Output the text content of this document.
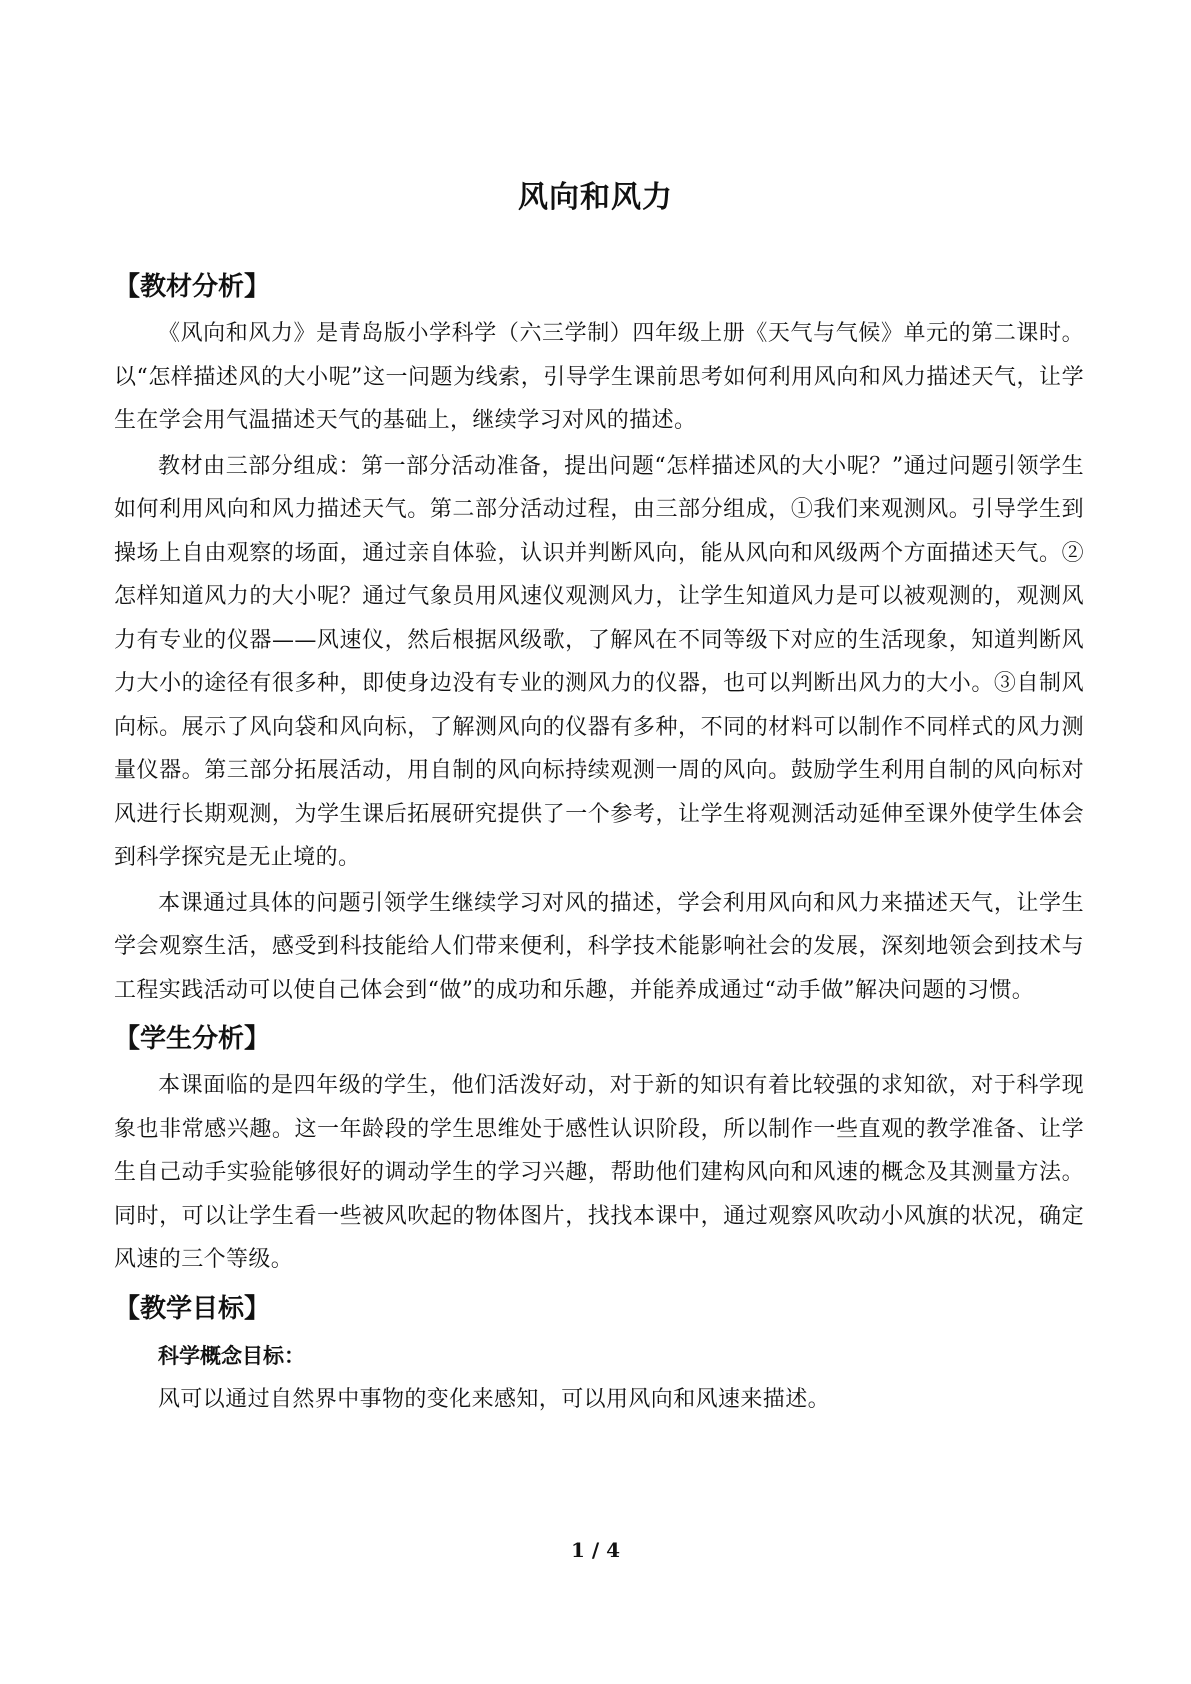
风向和风力
【教材分析】

《风向和风力》是青岛版小学科学（六三学制）四年级上册《天气与气候》单元的第二课时。以“怎样描述风的大小呢”这一问题为线索，引导学生课前思考如何利用风向和风力描述天气，让学生在学会用气温描述天气的基础上，继续学习对风的描述。

教材由三部分组成：第一部分活动准备，提出问题“怎样描述风的大小呢？”通过问题引领学生如何利用风向和风力描述天气。第二部分活动过程，由三部分组成，①我们来观测风。引导学生到操场上自由观察的场面，通过亲自体验，认识并判断风向，能从风向和风级两个方面描述天气。②怎样知道风力的大小呢？通过气象员用风速仪观测风力，让学生知道风力是可以被观测的，观测风力有专业的仪器——风速仪，然后根据风级歌，了解风在不同等级下对应的生活现象，知道判断风力大小的途径有很多种，即使身边没有专业的测风力的仪器，也可以判断出风力的大小。③自制风向标。展示了风向袋和风向标，了解测风向的仪器有多种，不同的材料可以制作不同样式的风力测量仪器。第三部分拓展活动，用自制的风向标持续观测一周的风向。鼓励学生利用自制的风向标对风进行长期观测，为学生课后拓展研究提供了一个参考，让学生将观测活动延伸至课外使学生体会到科学探究是无止境的。

本课通过具体的问题引领学生继续学习对风的描述，学会利用风向和风力来描述天气，让学生学会观察生活，感受到科技能给人们带来便利，科学技术能影响社会的发展，深刻地领会到技术与工程实践活动可以使自己体会到“做”的成功和乐趣，并能养成通过“动手做”解决问题的习惯。

【学生分析】

本课面临的是四年级的学生，他们活泼好动，对于新的知识有着比较强的求知欲，对于科学现象也非常感兴趣。这一年龄段的学生思维处于感性认识阶段，所以制作一些直观的教学准备、让学生自己动手实验能够很好的调动学生的学习兴趣，帮助他们建构风向和风速的概念及其测量方法。同时，可以让学生看一些被风吹起的物体图片，找找本课中，通过观察风吹动小风旗的状况，确定风速的三个等级。

【教学目标】
科学概念目标：

风可以通过自然界中事物的变化来感知，可以用风向和风速来描述。

1 / 4
